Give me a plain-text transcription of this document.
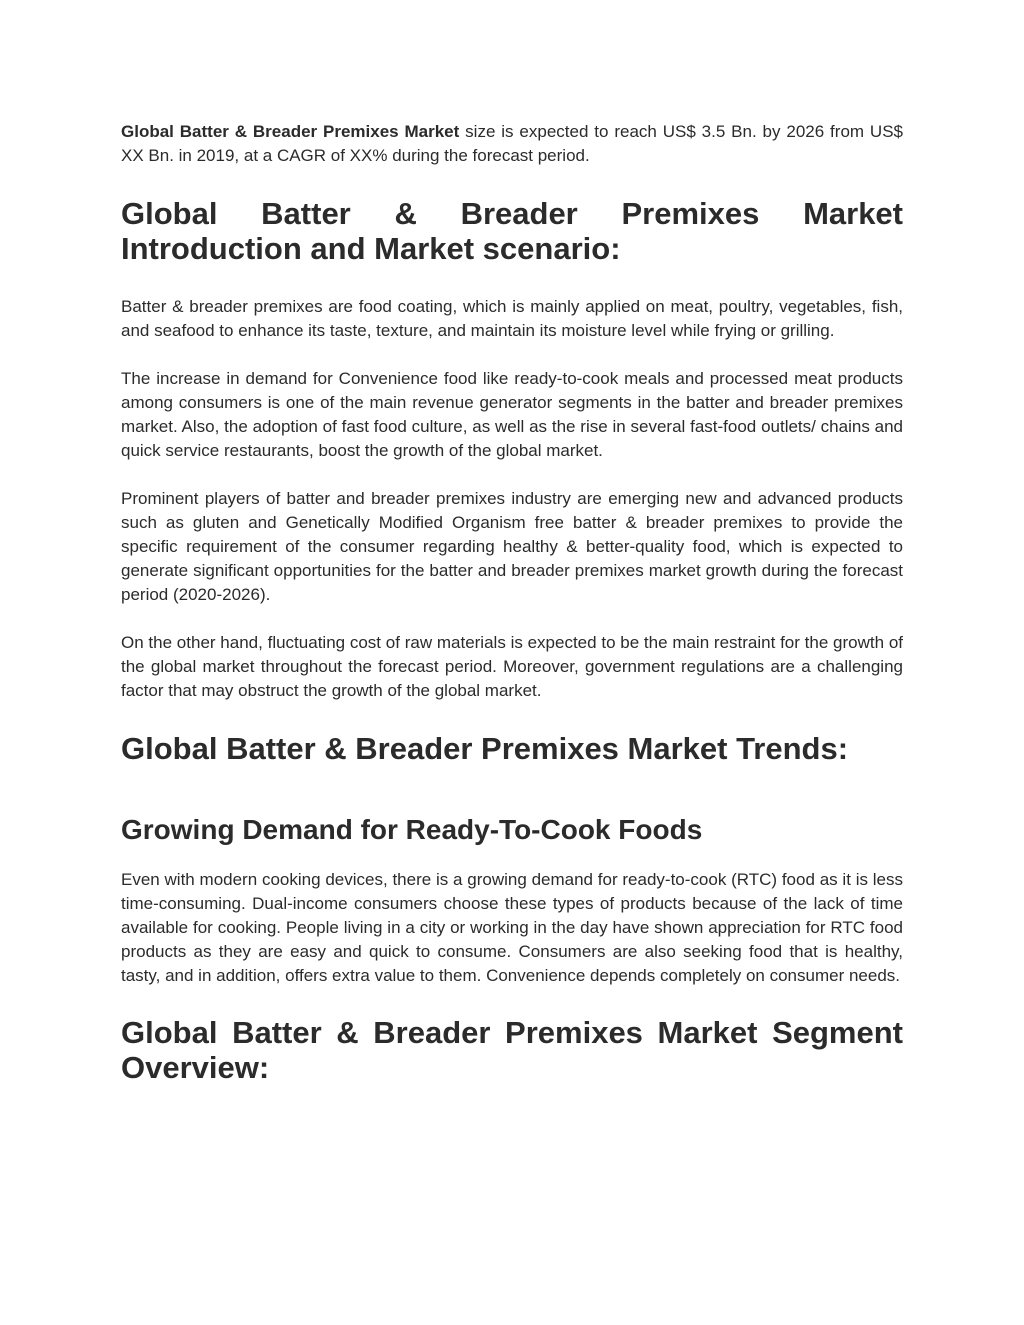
Global Batter & Breader Premixes Market size is expected to reach US$ 3.5 Bn. by 2026 from US$ XX Bn. in 2019, at a CAGR of XX% during the forecast period.

Global Batter & Breader Premixes Market Introduction and Market scenario:

Batter & breader premixes are food coating, which is mainly applied on meat, poultry, vegetables, fish, and seafood to enhance its taste, texture, and maintain its moisture level while frying or grilling.

The increase in demand for Convenience food like ready-to-cook meals and processed meat products among consumers is one of the main revenue generator segments in the batter and breader premixes market. Also, the adoption of fast food culture, as well as the rise in several fast-food outlets/ chains and quick service restaurants, boost the growth of the global market.

Prominent players of batter and breader premixes industry are emerging new and advanced products such as gluten and Genetically Modified Organism free batter & breader premixes to provide the specific requirement of the consumer regarding healthy & better-quality food, which is expected to generate significant opportunities for the batter and breader premixes market growth during the forecast period (2020-2026).

On the other hand, fluctuating cost of raw materials is expected to be the main restraint for the growth of the global market throughout the forecast period. Moreover, government regulations are a challenging factor that may obstruct the growth of the global market.

Global Batter & Breader Premixes Market Trends:
Growing Demand for Ready-To-Cook Foods

Even with modern cooking devices, there is a growing demand for ready-to-cook (RTC) food as it is less time-consuming. Dual-income consumers choose these types of products because of the lack of time available for cooking. People living in a city or working in the day have shown appreciation for RTC food products as they are easy and quick to consume. Consumers are also seeking food that is healthy, tasty, and in addition, offers extra value to them. Convenience depends completely on consumer needs.

Global Batter & Breader Premixes Market Segment Overview:
